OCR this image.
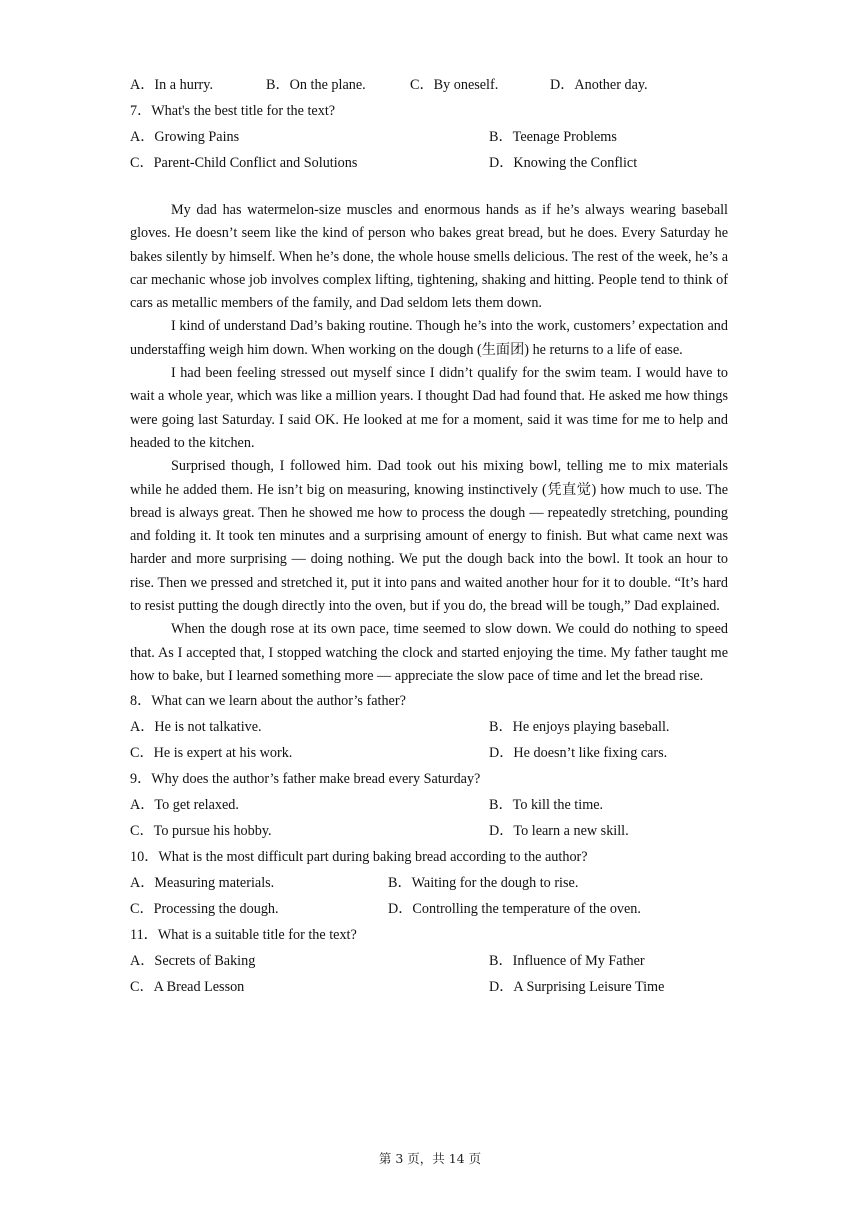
A．In a hurry.	B．On the plane.	C．By oneself.	D．Another day.
7．What's the best title for the text?
A．Growing Pains	B．Teenage Problems
C．Parent-Child Conflict and Solutions	D．Knowing the Conflict

My dad has watermelon-size muscles and enormous hands as if he’s always wearing baseball gloves. He doesn’t seem like the kind of person who bakes great bread, but he does. Every Saturday he bakes silently by himself. When he’s done, the whole house smells delicious. The rest of the week, he’s a car mechanic whose job involves complex lifting, tightening, shaking and hitting. People tend to think of cars as metallic members of the family, and Dad seldom lets them down.

I kind of understand Dad’s baking routine. Though he’s into the work, customers’ expectation and understaffing weigh him down. When working on the dough (生面团) he returns to a life of ease.

I had been feeling stressed out myself since I didn’t qualify for the swim team. I would have to wait a whole year, which was like a million years. I thought Dad had found that. He asked me how things were going last Saturday. I said OK. He looked at me for a moment, said it was time for me to help and headed to the kitchen.

Surprised though, I followed him. Dad took out his mixing bowl, telling me to mix materials while he added them. He isn’t big on measuring, knowing instinctively (凭直觉) how much to use. The bread is always great. Then he showed me how to process the dough — repeatedly stretching, pounding and folding it. It took ten minutes and a surprising amount of energy to finish. But what came next was harder and more surprising — doing nothing. We put the dough back into the bowl. It took an hour to rise. Then we pressed and stretched it, put it into pans and waited another hour for it to double. “It’s hard to resist putting the dough directly into the oven, but if you do, the bread will be tough,” Dad explained.

When the dough rose at its own pace, time seemed to slow down. We could do nothing to speed that. As I accepted that, I stopped watching the clock and started enjoying the time. My father taught me how to bake, but I learned something more — appreciate the slow pace of time and let the bread rise.

8．What can we learn about the author’s father?
A．He is not talkative.	B．He enjoys playing baseball.
C．He is expert at his work.	D．He doesn’t like fixing cars.
9．Why does the author’s father make bread every Saturday?
A．To get relaxed.	B．To kill the time.
C．To pursue his hobby.	D．To learn a new skill.
10．What is the most difficult part during baking bread according to the author?
A．Measuring materials.	B．Waiting for the dough to rise.
C．Processing the dough.	D．Controlling the temperature of the oven.
11．What is a suitable title for the text?
A．Secrets of Baking	B．Influence of My Father
C．A Bread Lesson	D．A Surprising Leisure Time
第 3 页，共 14 页
